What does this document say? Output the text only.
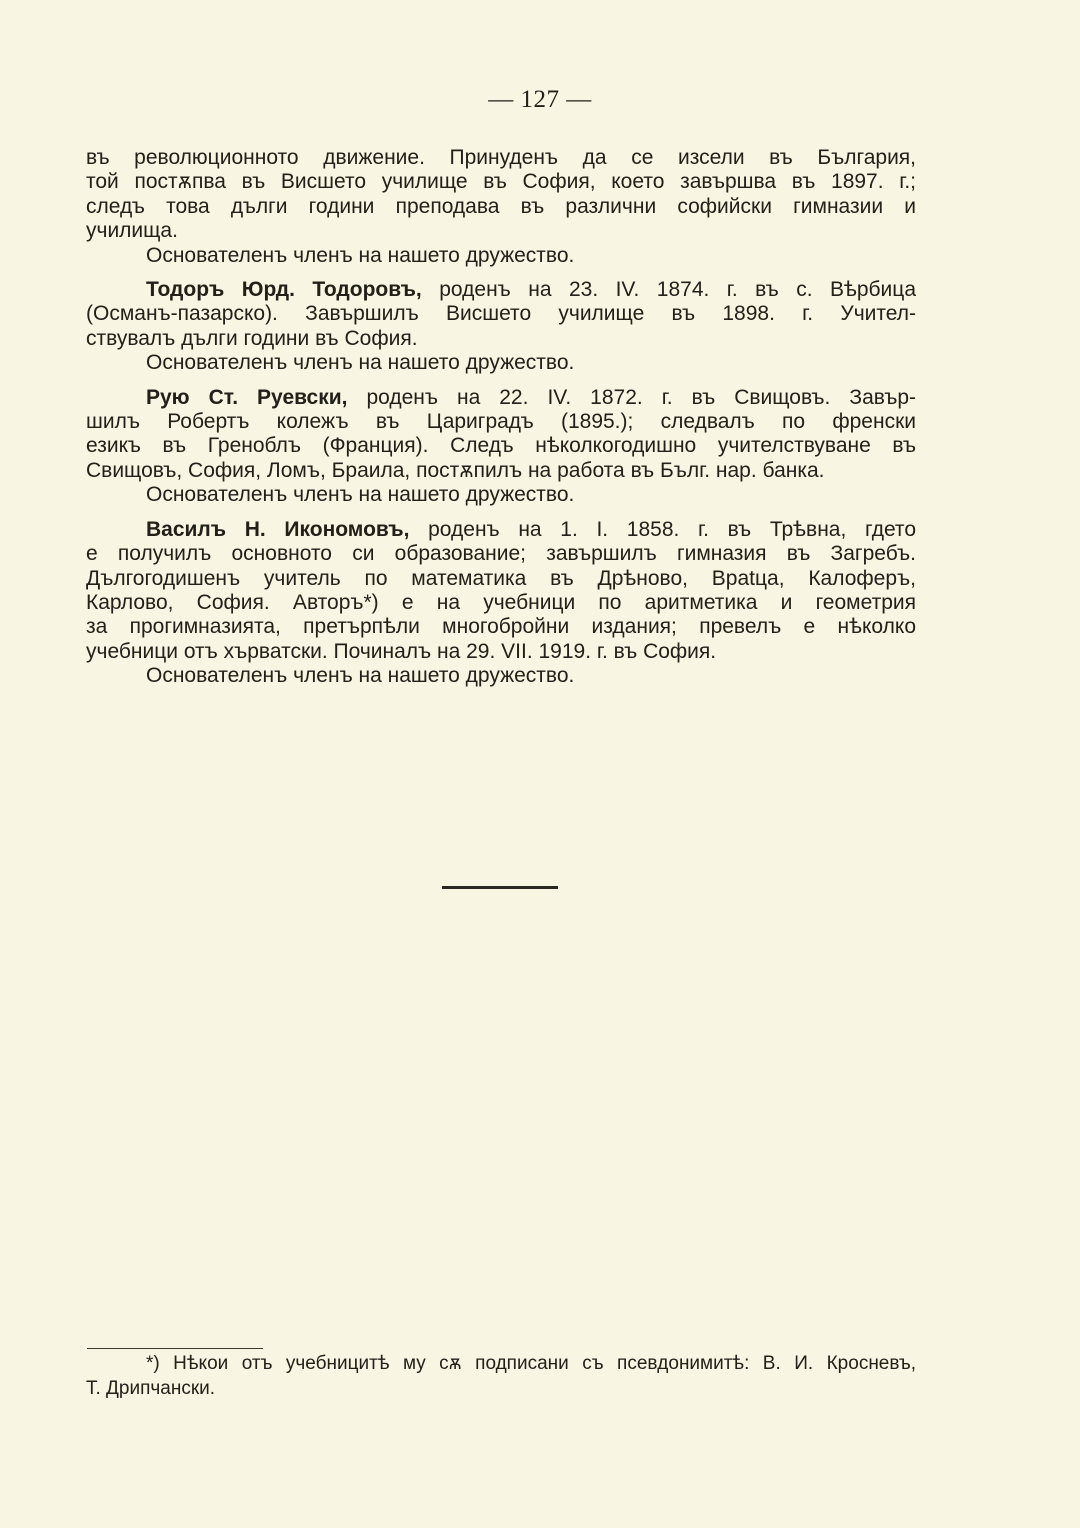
— 127 —
въ революционното движение. Принуденъ да се изсели въ България,
той постѫпва въ Висшето училище въ София, което завършва въ 1897. г.;
следъ това дълги години преподава въ различни софийски гимназии и
училища.
Основателенъ членъ на нашето дружество.
Тодоръ Юрд. Тодоровъ, роденъ на 23. IV. 1874. г. въ с. Вѣрбица
(Османъ-пазарско). Завършилъ Висшето училище въ 1898. г. Учител-
ствувалъ дълги години въ София.
Основателенъ членъ на нашето дружество.
Рую Ст. Руевски, роденъ на 22. IV. 1872. г. въ Свищовъ. Завър-
шилъ Робертъ колежъ въ Цариградъ (1895.); следвалъ по френски
езикъ въ Греноблъ (Франция). Следъ нѣколкогодишно учителствуване въ
Свищовъ, София, Ломъ, Браила, постѫпилъ на работа въ Бълг. нар. банка.
Основателенъ членъ на нашето дружество.
Василъ Н. Икономовъ, роденъ на 1. I. 1858. г. въ Трѣвна, гдето
е получилъ основното си образование; завършилъ гимназия въ Загребъ.
Дългогодишенъ учитель по математика въ Дрѣново, Врatца, Калоферъ,
Карлово, София. Авторъ*) е на учебници по аритметика и геометрия
за прогимназията, претърпѣли многобройни издания; превелъ е нѣколко
учебници отъ хърватски. Починалъ на 29. VII. 1919. г. въ София.
Основателенъ членъ на нашето дружество.
*) Нѣкои отъ учебницитѣ му сѫ подписани съ псевдонимитѣ: В. И. Кросневъ,
Т. Дрипчански.
